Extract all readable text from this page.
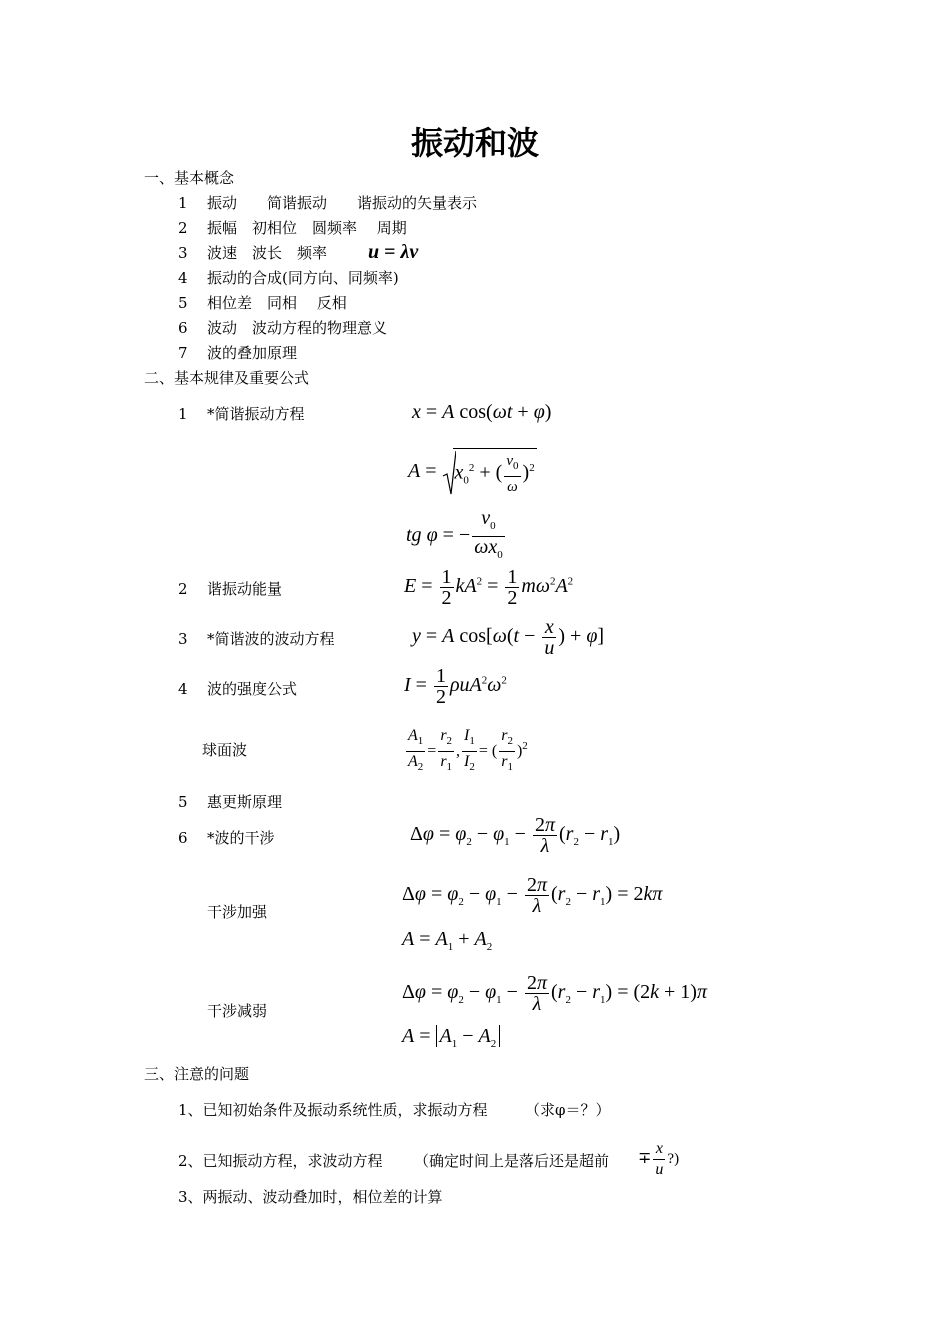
振动和波
一、基本概念
1 振动　　简谐振动　　谐振动的矢量表示
2 振幅　初相位　圆频率　 周期
3 波速　波长　频率 u = λν
4 振动的合成(同方向、同频率)
5 相位差　同相　 反相
6 波动　波动方程的物理意义
7 波的叠加原理
二、基本规律及重要公式
1 *简谐振动方程	x = A cos(ωt + φ)
$A = x_0^2$ + ( $\frac{v_0}{\omega} )^2$
tg φ = − $\frac{v_0}{\omega x_0}$
2 谐振动能量	$E = \frac{1}{2} kA^2 = \frac{1}{2} m\omega^2A^2$
3 *简谐波的波动方程	y = A $\cos[\omega(t - \frac{x}{u}$ ) + φ]
4 波的强度公式	$I = \frac{1}{2} \rho uA^2\omega^2$
球面波	$\frac{A_1}{A_2} = \frac{r_2}{r_1}$ , $\frac{I_1}{I_2}$ = ( $\frac{r_2}{r_1} )^2$
5 惠更斯原理
6 *波的干涉	$\Delta\varphi = \varphi_2 - \varphi_1 - \frac{2\pi}{\lambda} (r_2 - r_1)$
干涉加强
$\Delta\varphi = \varphi_2 - \varphi_1 - \frac{2\pi}{\lambda} (r_2 - r_1) = 2k\pi$
$A = A_1 + A_2$
干涉减弱
$\Delta\varphi = \varphi_2 - \varphi_1 - \frac{2\pi}{\lambda} (r_2 - r_1) = (2k + 1)\pi$
$A = A_1 - A_2$
三、注意的问题
1、已知初始条件及振动系统性质，求振动方程 （求φ＝？）
2、已知振动方程，求波动方程 （确定时间上是落后还是超前 ∓ $\frac{x}{u}$ ?)
3、两振动、波动叠加时，相位差的计算
